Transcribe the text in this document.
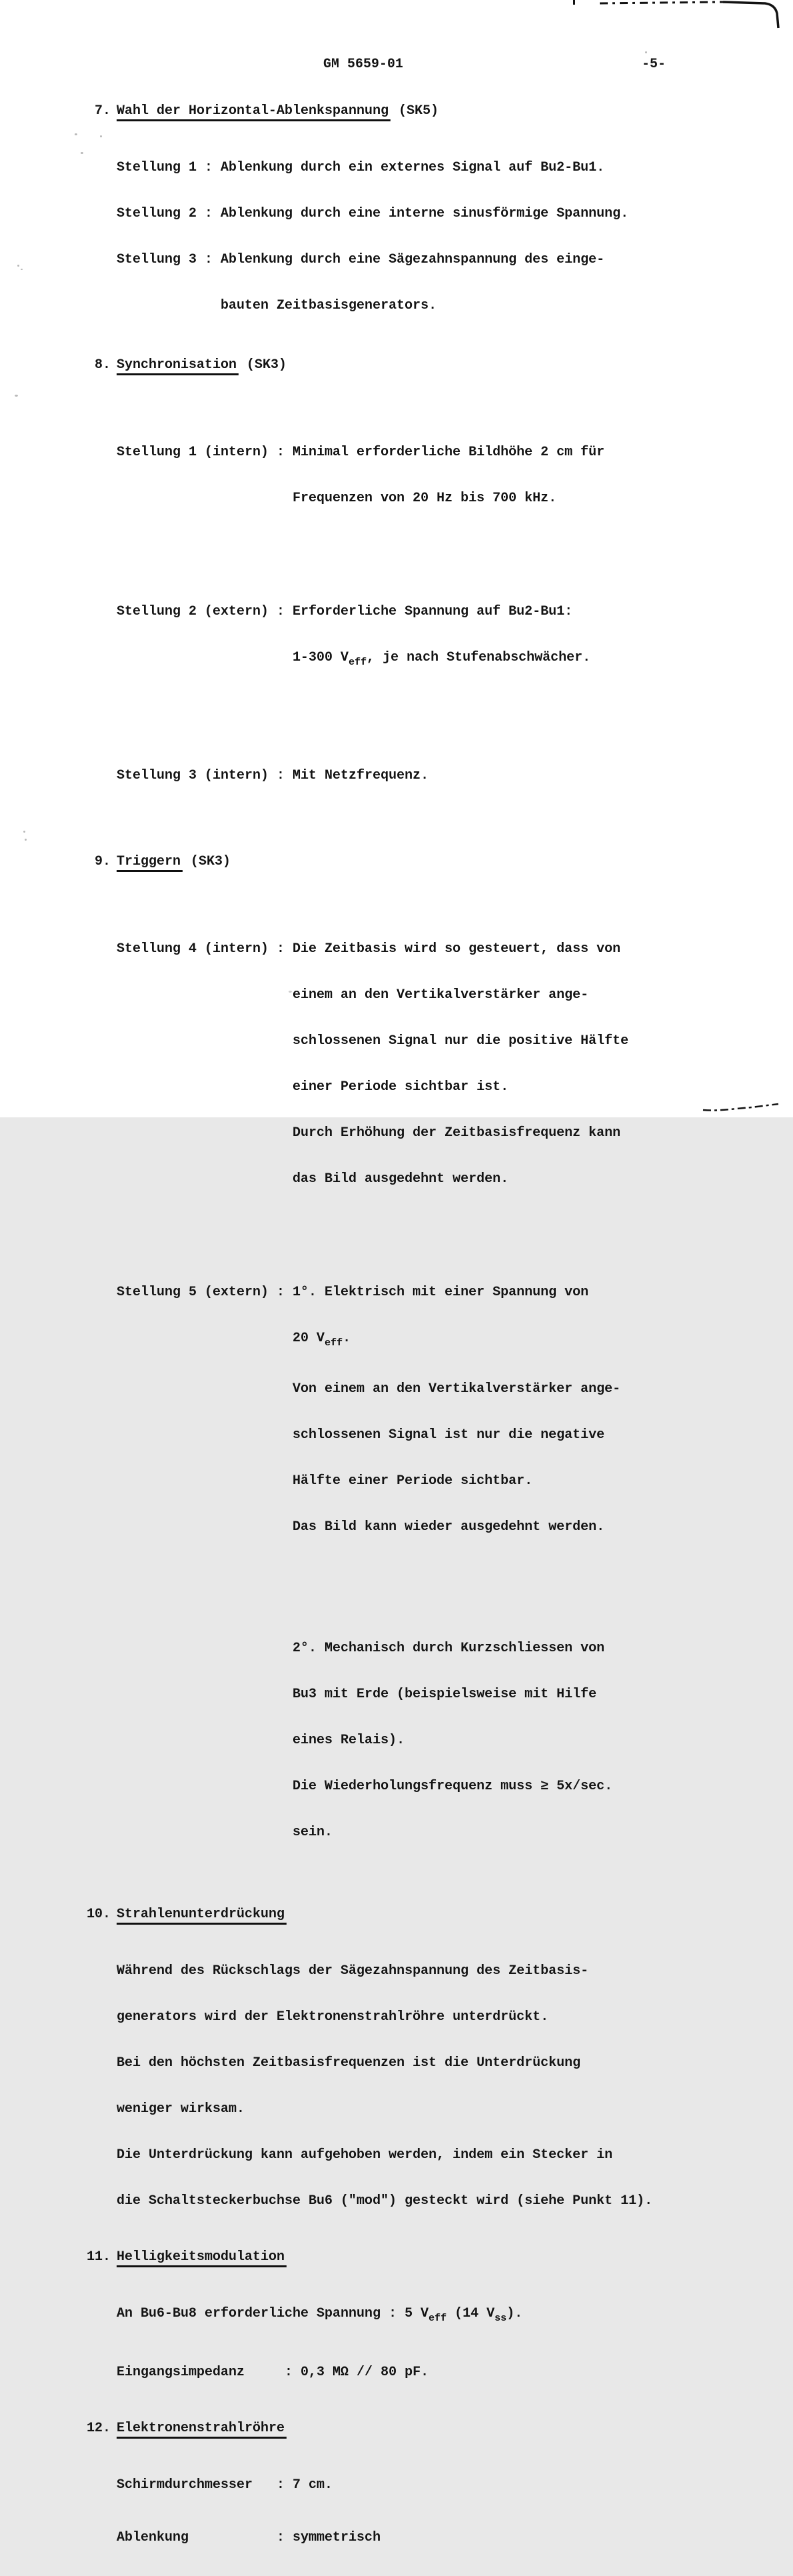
GM 5659-01	-5-
7. Wahl der Horizontal-Ablenkspannung (SK5)

Stellung 1 : Ablenkung durch ein externes Signal auf Bu2-Bu1.

Stellung 2 : Ablenkung durch eine interne sinusförmige Spannung.

Stellung 3 : Ablenkung durch eine Sägezahnspannung des einge-

bauten Zeitbasisgenerators.

8. Synchronisation (SK3)

Stellung 1 (intern) : Minimal erforderliche Bildhöhe 2 cm für

Frequenzen von 20 Hz bis 700 kHz.

Stellung 2 (extern) : Erforderliche Spannung auf Bu2-Bu1:

1-300 $V_{eff}$, je nach Stufenabschwächer.

Stellung 3 (intern) : Mit Netzfrequenz.

9. Triggern (SK3)

Stellung 4 (intern) : Die Zeitbasis wird so gesteuert, dass von

einem an den Vertikalverstärker ange-

schlossenen Signal nur die positive Hälfte

einer Periode sichtbar ist.

Durch Erhöhung der Zeitbasisfrequenz kann

das Bild ausgedehnt werden.

Stellung 5 (extern) : 1°. Elektrisch mit einer Spannung von

20 $V_{eff}$.

Von einem an den Vertikalverstärker ange-

schlossenen Signal ist nur die negative

Hälfte einer Periode sichtbar.

Das Bild kann wieder ausgedehnt werden.

2°. Mechanisch durch Kurzschliessen von

Bu3 mit Erde (beispielsweise mit Hilfe

eines Relais).

Die Wiederholungsfrequenz muss ≥ 5x/sec.

sein.

10. Strahlenunterdrückung

Während des Rückschlags der Sägezahnspannung des Zeitbasis-

generators wird der Elektronenstrahlröhre unterdrückt.

Bei den höchsten Zeitbasisfrequenzen ist die Unterdrückung

weniger wirksam.

Die Unterdrückung kann aufgehoben werden, indem ein Stecker in

die Schaltsteckerbuchse Bu6 ("mod") gesteckt wird (siehe Punkt 11).

11. Helligkeitsmodulation

An Bu6-Bu8 erforderliche Spannung : 5 $V_{eff}$ (14 $V_{ss}$).

Eingangsimpedanz     : 0,3 MΩ // 80 pF.

12. Elektronenstrahlröhre

Schirmdurchmesser   : 7 cm.

Ablenkung           : symmetrisch
